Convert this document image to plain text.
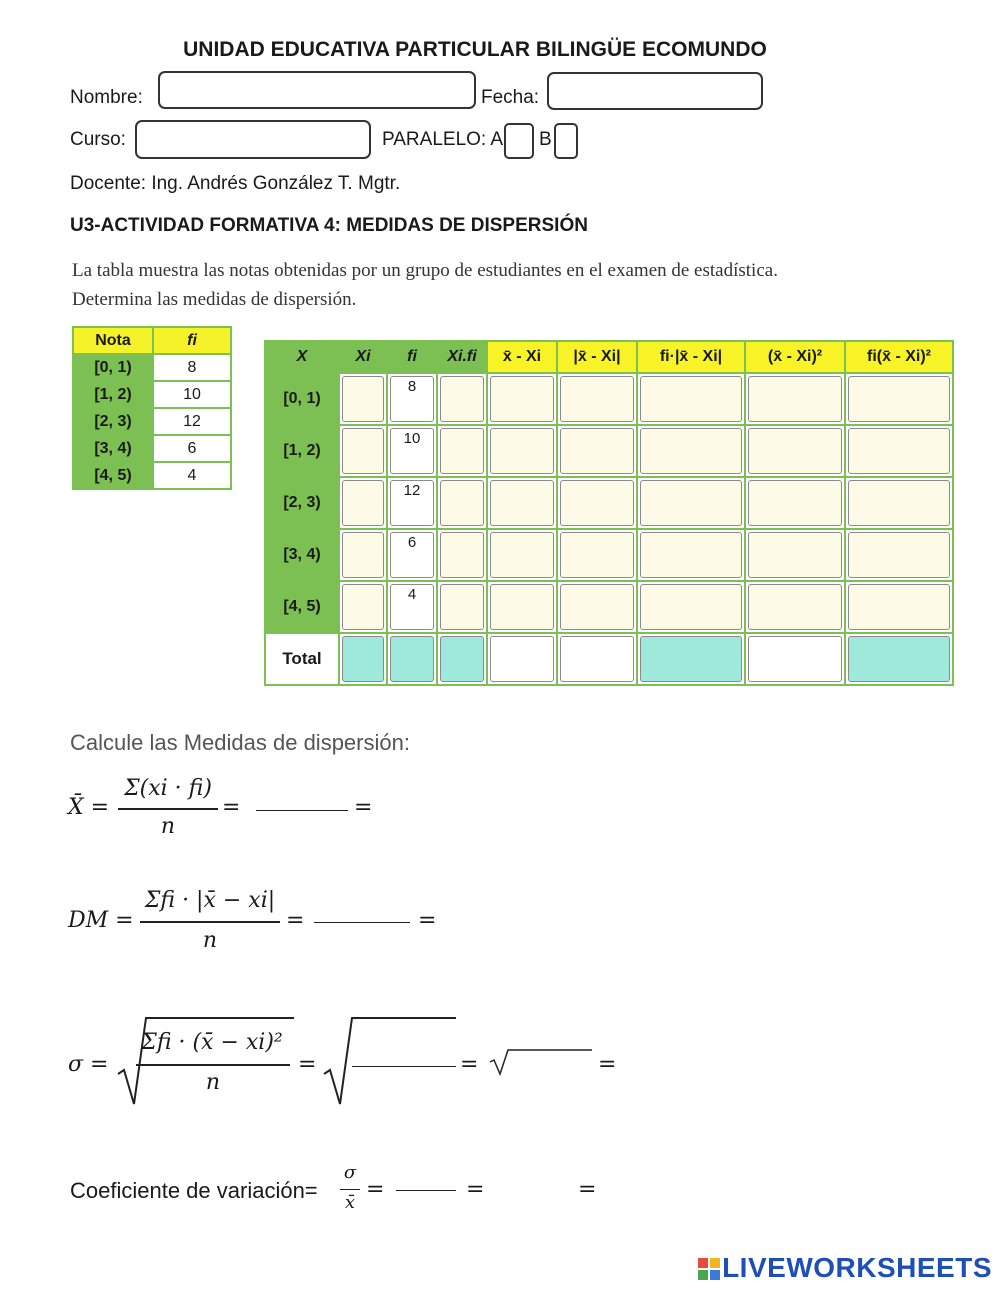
UNIDAD EDUCATIVA PARTICULAR BILINGÜE ECOMUNDO
Nombre:	Fecha:
Curso:	PARALELO: A B
Docente: Ing. Andrés González T. Mgtr.
U3-ACTIVIDAD FORMATIVA 4: MEDIDAS DE DISPERSIÓN
La tabla muestra las notas obtenidas por un grupo de estudiantes en el examen de estadística. Determina las medidas de dispersión.
Nota	fi
[0, 1)	8
[1, 2)	10
[2, 3)	12
[3, 4)	6
[4, 5)	4
X	Xi	fi	Xi.fi	x̄ - Xi	|x̄ - Xi|	fi·|x̄ - Xi|	(x̄ - Xi)²	fi(x̄ - Xi)²
[0, 1)		8						

[1, 2)		10						

[2, 3)		12						

[3, 4)		6						

[4, 5)		4						

Total	

Calcule las Medidas de dispersión:
X̄ =
Σ(xi · fi)
n
=	=
DM =
Σfi · |x̄ − xi|
n
=	=
σ =
Σfi · (x̄ − xi)²
n
=	=	=
Coeficiente de variación=
σ
x̄
=	=	=
LIVEWORKSHEETS
